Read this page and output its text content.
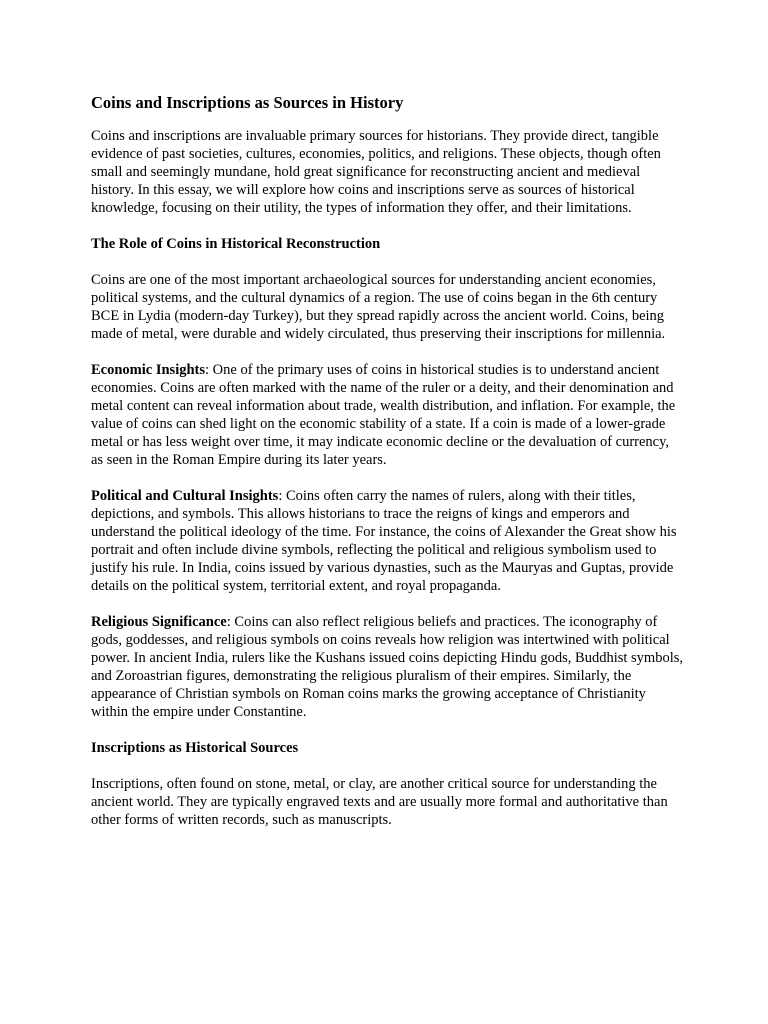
Coins and Inscriptions as Sources in History

Coins and inscriptions are invaluable primary sources for historians. They provide direct, tangible evidence of past societies, cultures, economies, politics, and religions. These objects, though often small and seemingly mundane, hold great significance for reconstructing ancient and medieval history. In this essay, we will explore how coins and inscriptions serve as sources of historical knowledge, focusing on their utility, the types of information they offer, and their limitations.

The Role of Coins in Historical Reconstruction

Coins are one of the most important archaeological sources for understanding ancient economies, political systems, and the cultural dynamics of a region. The use of coins began in the 6th century BCE in Lydia (modern-day Turkey), but they spread rapidly across the ancient world. Coins, being made of metal, were durable and widely circulated, thus preserving their inscriptions for millennia.

Economic Insights: One of the primary uses of coins in historical studies is to understand ancient economies. Coins are often marked with the name of the ruler or a deity, and their denomination and metal content can reveal information about trade, wealth distribution, and inflation. For example, the value of coins can shed light on the economic stability of a state. If a coin is made of a lower-grade metal or has less weight over time, it may indicate economic decline or the devaluation of currency, as seen in the Roman Empire during its later years.

Political and Cultural Insights: Coins often carry the names of rulers, along with their titles, depictions, and symbols. This allows historians to trace the reigns of kings and emperors and understand the political ideology of the time. For instance, the coins of Alexander the Great show his portrait and often include divine symbols, reflecting the political and religious symbolism used to justify his rule. In India, coins issued by various dynasties, such as the Mauryas and Guptas, provide details on the political system, territorial extent, and royal propaganda.

Religious Significance: Coins can also reflect religious beliefs and practices. The iconography of gods, goddesses, and religious symbols on coins reveals how religion was intertwined with political power. In ancient India, rulers like the Kushans issued coins depicting Hindu gods, Buddhist symbols, and Zoroastrian figures, demonstrating the religious pluralism of their empires. Similarly, the appearance of Christian symbols on Roman coins marks the growing acceptance of Christianity within the empire under Constantine.

Inscriptions as Historical Sources

Inscriptions, often found on stone, metal, or clay, are another critical source for understanding the ancient world. They are typically engraved texts and are usually more formal and authoritative than other forms of written records, such as manuscripts.
